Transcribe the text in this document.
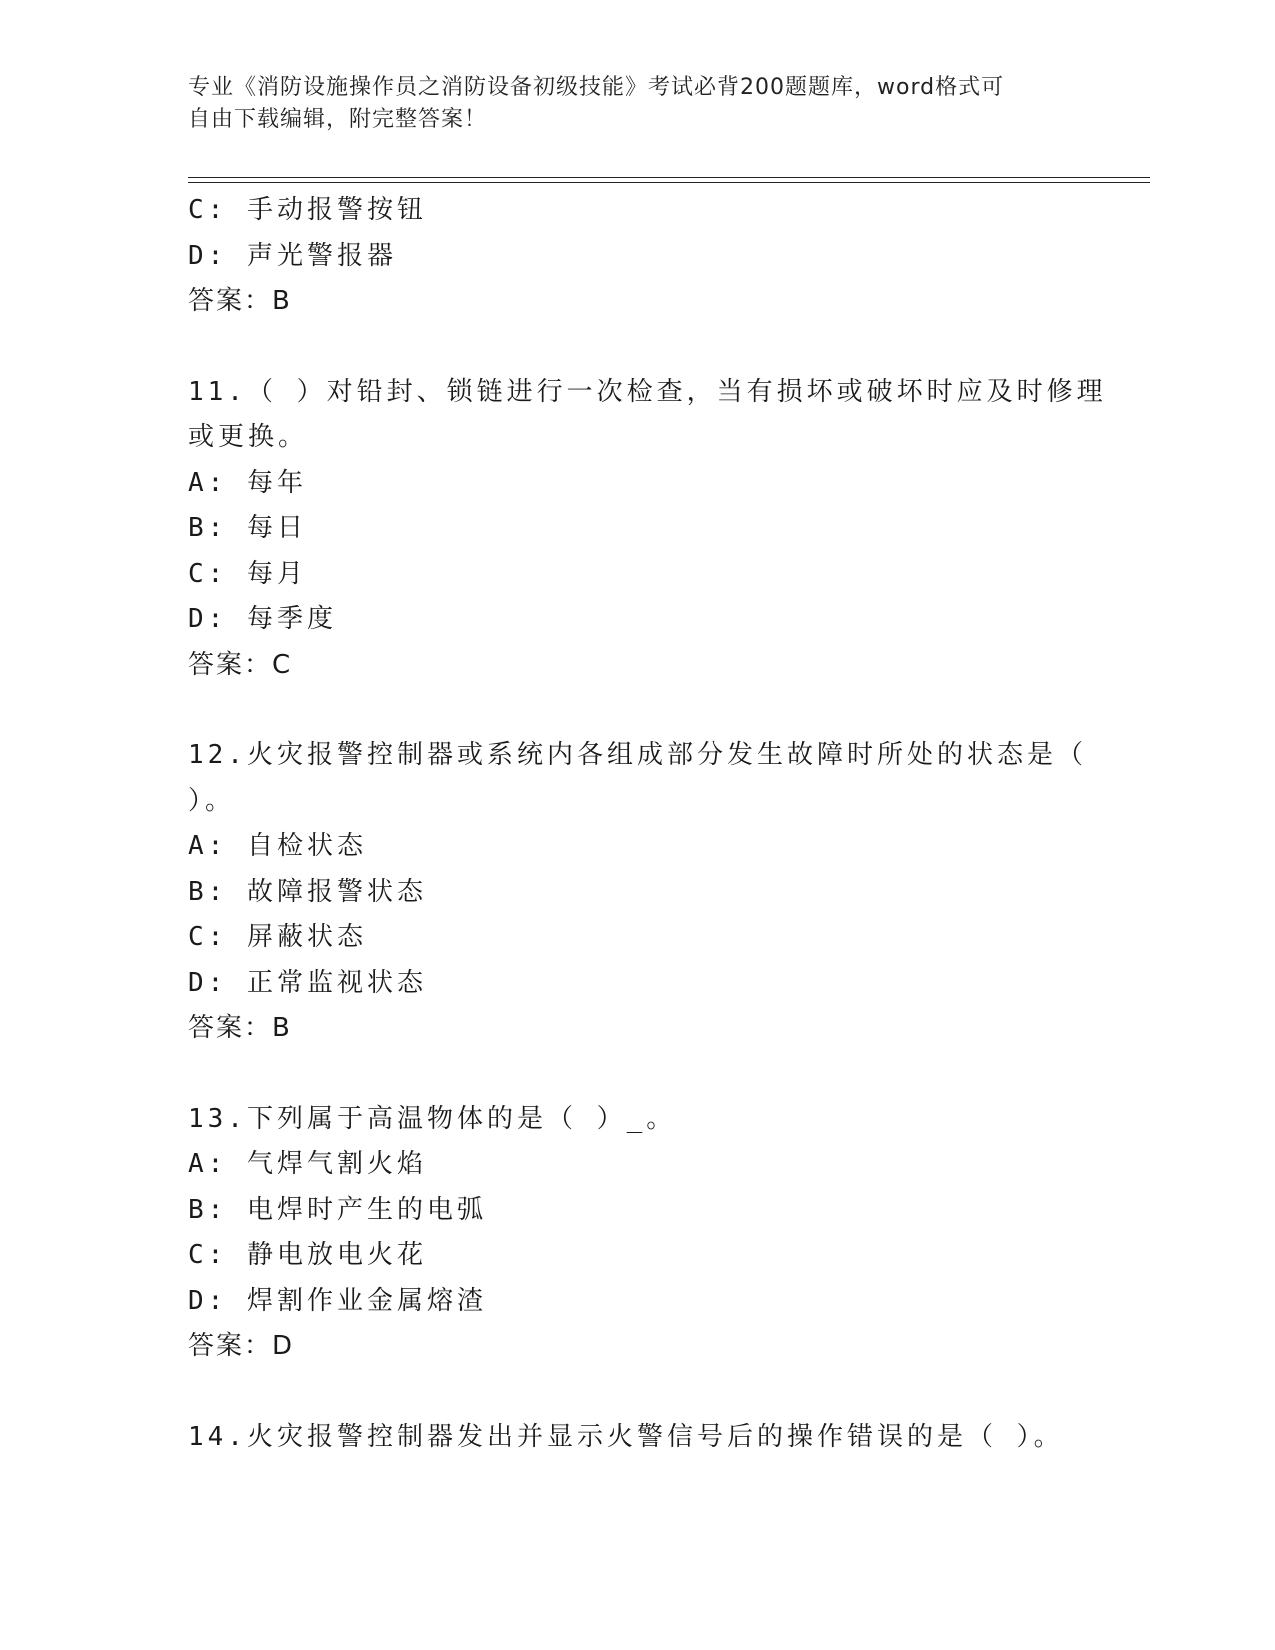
专业《消防设施操作员之消防设备初级技能》考试必背200题题库，word格式可
自由下载编辑，附完整答案！
C: 手动报警按钮
D: 声光警报器
答案：B
11.（ ）对铅封、锁链进行一次检查，当有损坏或破坏时应及时修理
或更换。
A: 每年
B: 每日
C: 每月
D: 每季度
答案：C
12.火灾报警控制器或系统内各组成部分发生故障时所处的状态是（
）。
A: 自检状态
B: 故障报警状态
C: 屏蔽状态
D: 正常监视状态
答案：B
13.下列属于高温物体的是（ ）_。
A: 气焊气割火焰
B: 电焊时产生的电弧
C: 静电放电火花
D: 焊割作业金属熔渣
答案：D
14.火灾报警控制器发出并显示火警信号后的操作错误的是（ ）。
